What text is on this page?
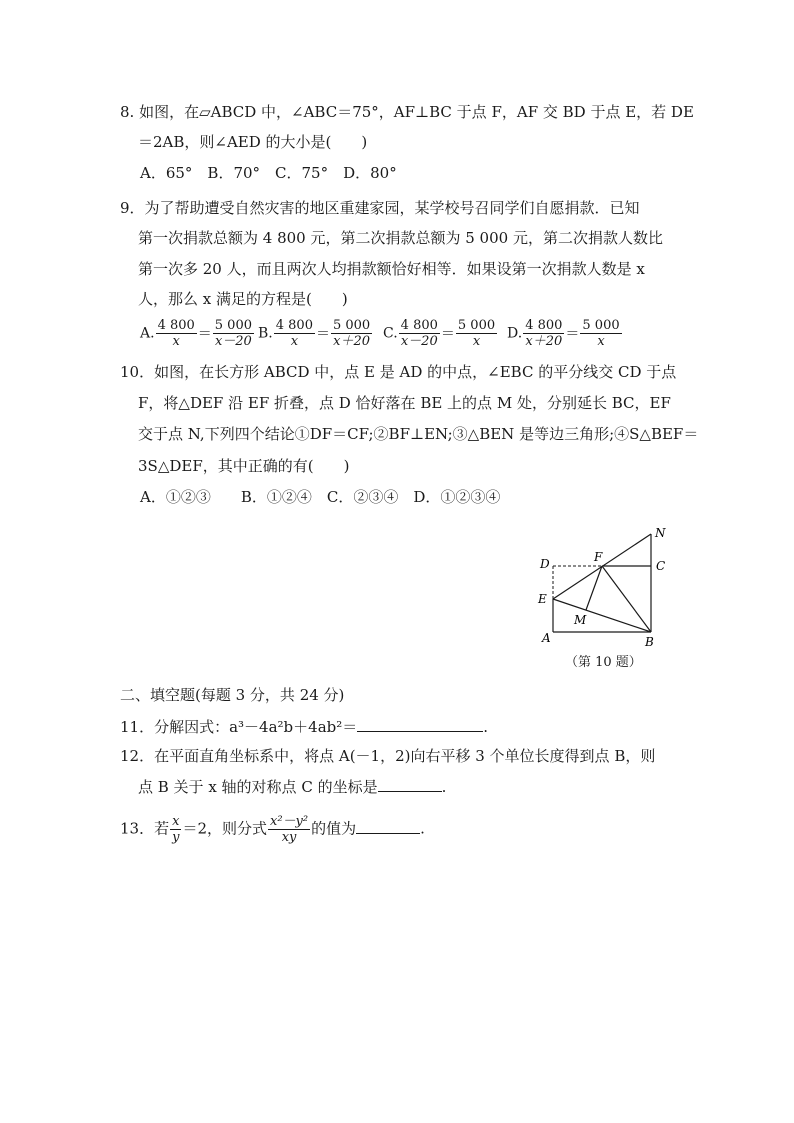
8. 如图，在▱ABCD 中，∠ABC＝75°，AF⊥BC 于点 F，AF 交 BD 于点 E，若 DE
＝2AB，则∠AED 的大小是(　　)
A．65°　B．70°　C．75°　D．80°
9．为了帮助遭受自然灾害的地区重建家园，某学校号召同学们自愿捐款．已知
第一次捐款总额为 4 800 元，第二次捐款总额为 5 000 元，第二次捐款人数比
第一次多 20 人，而且两次人均捐款额恰好相等．如果设第一次捐款人数是 x
人，那么 x 满足的方程是(　　)
A. $\frac{4 800}{x} = \frac{5 000}{x-20} B$. $\frac{4 800}{x} = \frac{5 000}{x+20} C$. $\frac{4 800}{x-20} = \frac{5 000}{x} D$. $\frac{4 800}{x+20} = \frac{5 000}{x}$
10．如图，在长方形 ABCD 中，点 E 是 AD 的中点，∠EBC 的平分线交 CD 于点
F，将△DEF 沿 EF 折叠，点 D 恰好落在 BE 上的点 M 处，分别延长 BC，EF
交于点 N,下列四个结论①DF＝CF;②BF⊥EN;③△BEN 是等边三角形;④S△BEF＝
3S△DEF，其中正确的有(　　)
A．①②③　　B．①②④　C．②③④　D．①②③④
D	F
N
C
E
M
A	B
（第 10 题）
二、填空题(每题 3 分，共 24 分)
11．分解因式：a³－4a²b＋4ab²＝	.
12．在平面直角坐标系中，将点 A(－1，2)向右平移 3 个单位长度得到点 B，则
点 B 关于 x 轴的对称点 C 的坐标是	.
13．若 $\frac{x}{y} =2$，则分式 $\frac{\text{x²－y²}}{xy}$ 的值为	.
